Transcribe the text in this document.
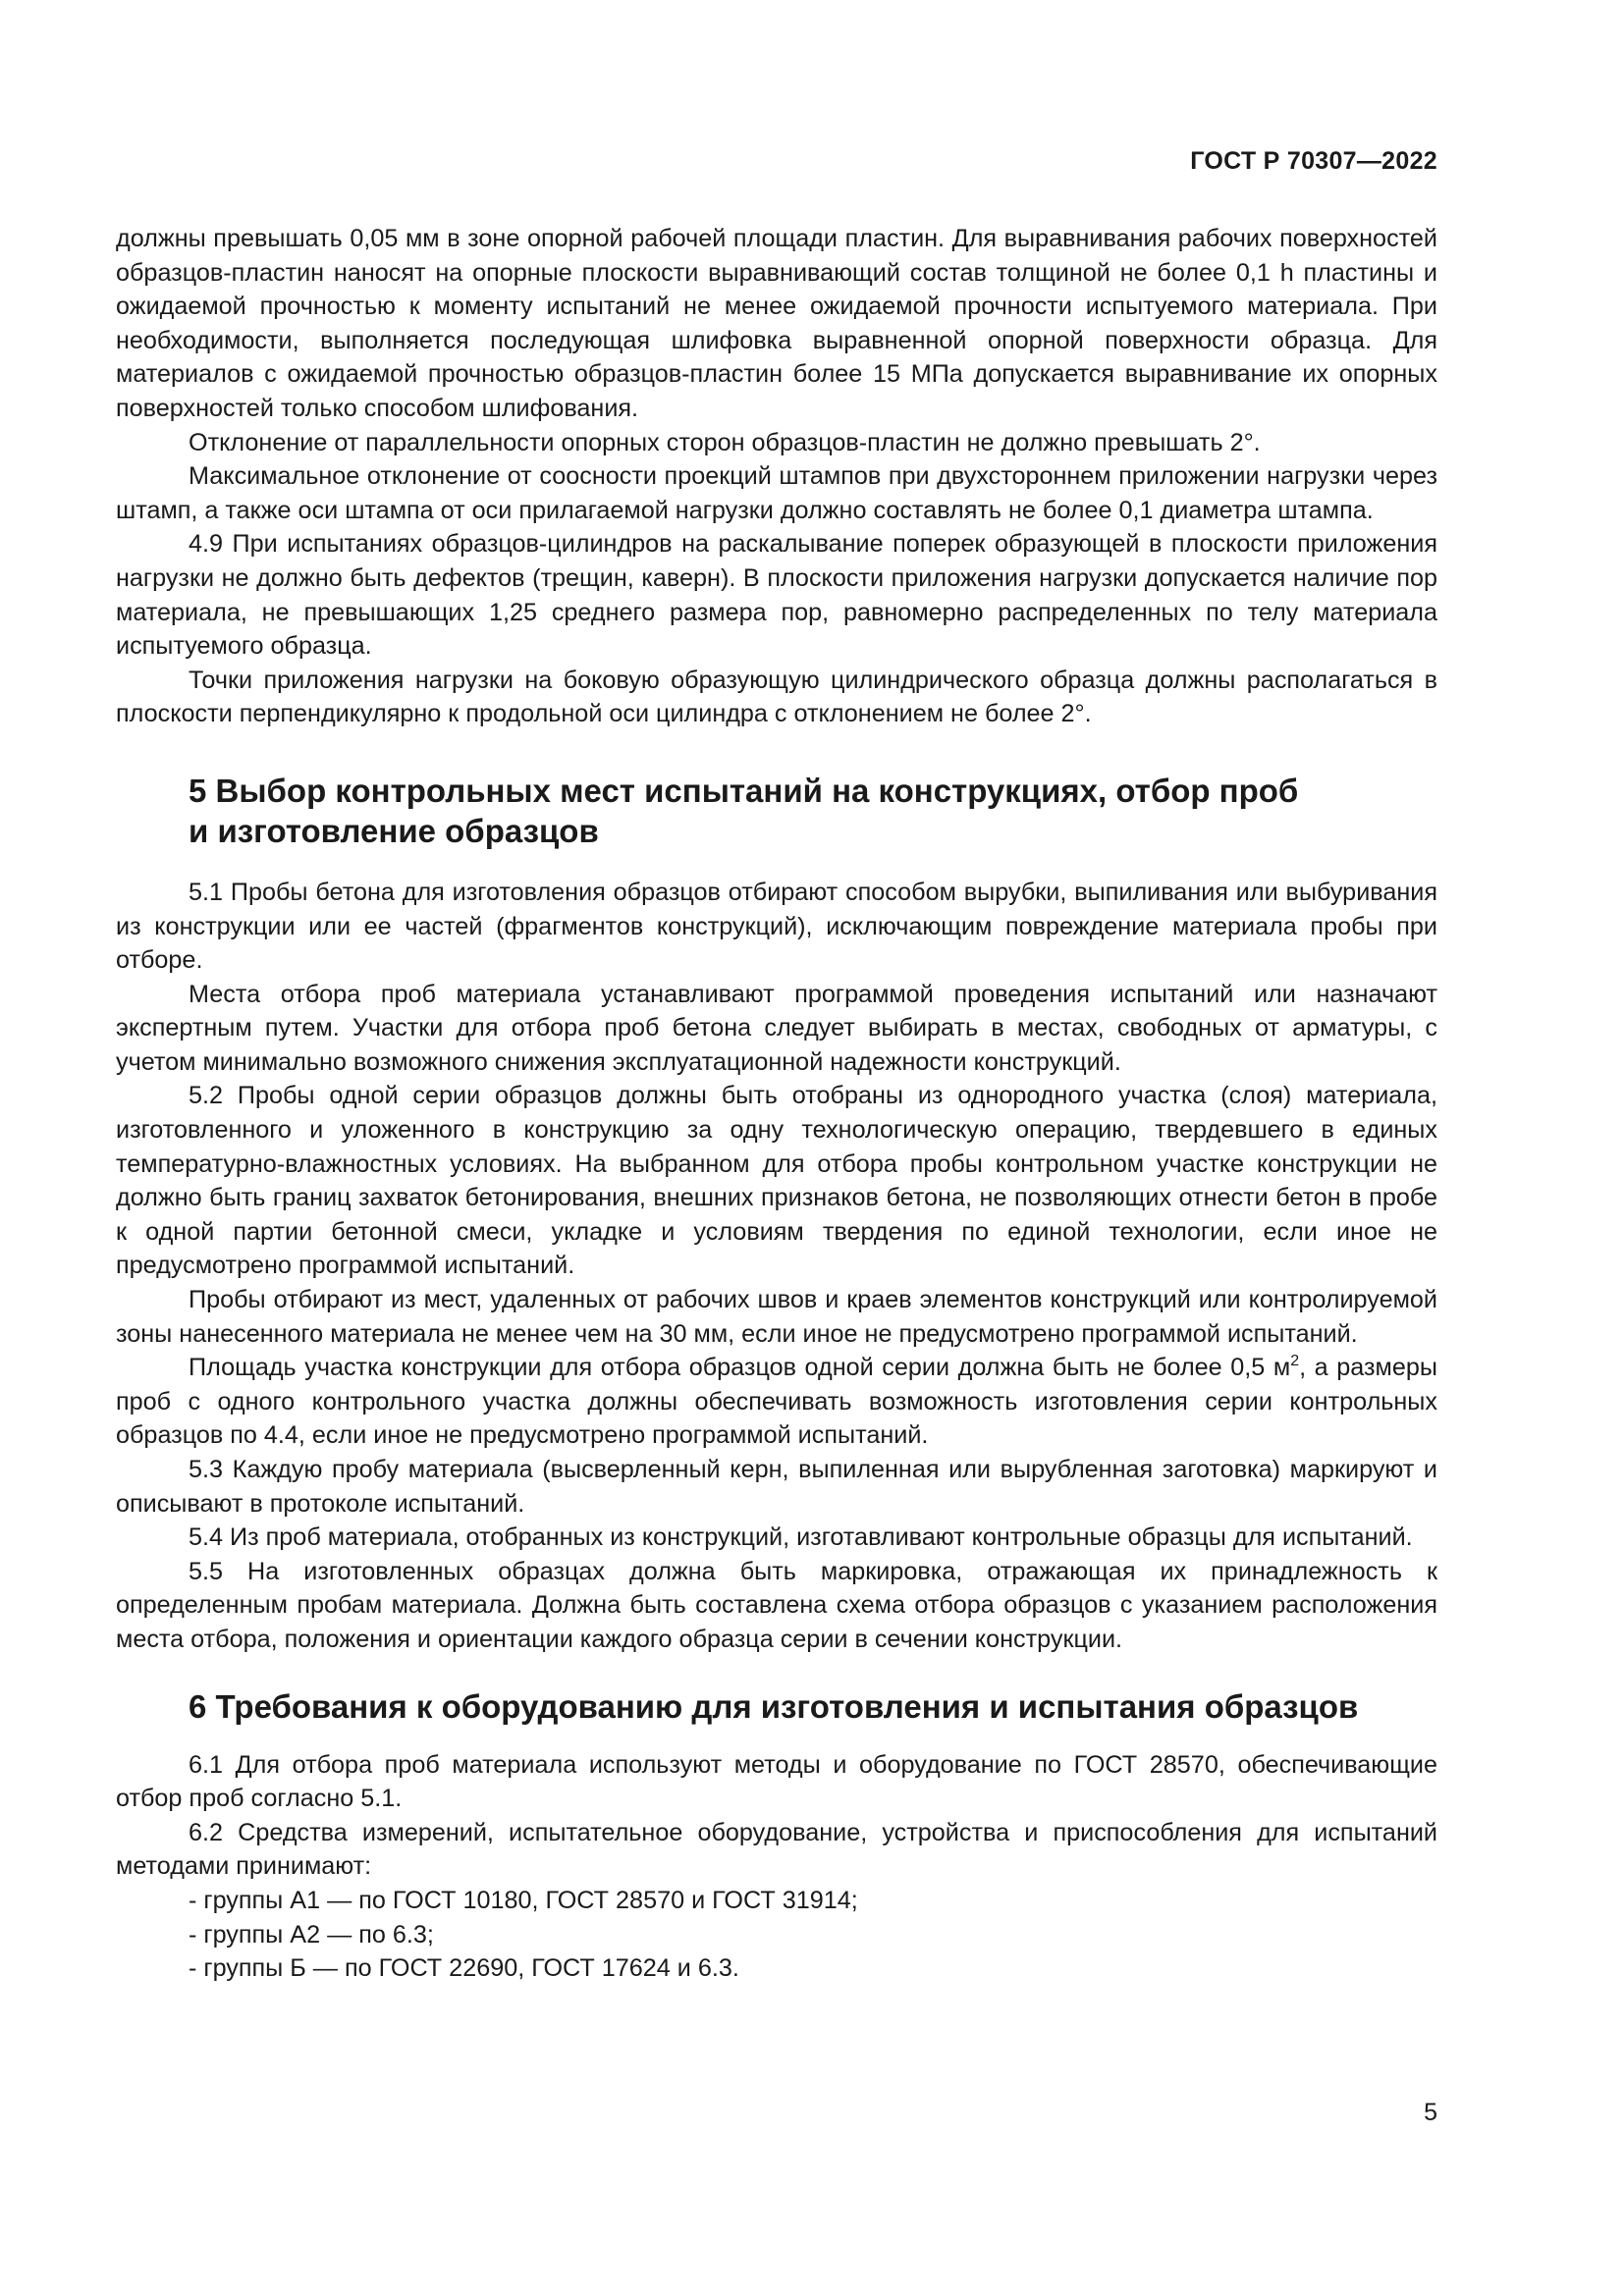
ГОСТ Р 70307—2022

должны превышать 0,05 мм в зоне опорной рабочей площади пластин. Для выравнивания рабочих поверхностей образцов-пластин наносят на опорные плоскости выравнивающий состав толщиной не более 0,1 h пластины и ожидаемой прочностью к моменту испытаний не менее ожидаемой прочности испытуемого материала. При необходимости, выполняется последующая шлифовка выравненной опорной поверхности образца. Для материалов с ожидаемой прочностью образцов-пластин более 15 МПа допускается выравнивание их опорных поверхностей только способом шлифования.

Отклонение от параллельности опорных сторон образцов-пластин не должно превышать 2°.

Максимальное отклонение от соосности проекций штампов при двухстороннем приложении нагрузки через штамп, а также оси штампа от оси прилагаемой нагрузки должно составлять не более 0,1 диаметра штампа.

4.9 При испытаниях образцов-цилиндров на раскалывание поперек образующей в плоскости приложения нагрузки не должно быть дефектов (трещин, каверн). В плоскости приложения нагрузки допускается наличие пор материала, не превышающих 1,25 среднего размера пор, равномерно распределенных по телу материала испытуемого образца.

Точки приложения нагрузки на боковую образующую цилиндрического образца должны располагаться в плоскости перпендикулярно к продольной оси цилиндра с отклонением не более 2°.

5 Выбор контрольных мест испытаний на конструкциях, отбор проб
и изготовление образцов

5.1 Пробы бетона для изготовления образцов отбирают способом вырубки, выпиливания или выбуривания из конструкции или ее частей (фрагментов конструкций), исключающим повреждение материала пробы при отборе.

Места отбора проб материала устанавливают программой проведения испытаний или назначают экспертным путем. Участки для отбора проб бетона следует выбирать в местах, свободных от арматуры, с учетом минимально возможного снижения эксплуатационной надежности конструкций.

5.2 Пробы одной серии образцов должны быть отобраны из однородного участка (слоя) материала, изготовленного и уложенного в конструкцию за одну технологическую операцию, твердевшего в единых температурно-влажностных условиях. На выбранном для отбора пробы контрольном участке конструкции не должно быть границ захваток бетонирования, внешних признаков бетона, не позволяющих отнести бетон в пробе к одной партии бетонной смеси, укладке и условиям твердения по единой технологии, если иное не предусмотрено программой испытаний.

Пробы отбирают из мест, удаленных от рабочих швов и краев элементов конструкций или контролируемой зоны нанесенного материала не менее чем на 30 мм, если иное не предусмотрено программой испытаний.

Площадь участка конструкции для отбора образцов одной серии должна быть не более 0,5 $м^2$, а размеры проб с одного контрольного участка должны обеспечивать возможность изготовления серии контрольных образцов по 4.4, если иное не предусмотрено программой испытаний.

5.3 Каждую пробу материала (высверленный керн, выпиленная или вырубленная заготовка) маркируют и описывают в протоколе испытаний.

5.4 Из проб материала, отобранных из конструкций, изготавливают контрольные образцы для испытаний.

5.5 На изготовленных образцах должна быть маркировка, отражающая их принадлежность к определенным пробам материала. Должна быть составлена схема отбора образцов с указанием расположения места отбора, положения и ориентации каждого образца серии в сечении конструкции.

6 Требования к оборудованию для изготовления и испытания образцов

6.1 Для отбора проб материала используют методы и оборудование по ГОСТ 28570, обеспечивающие отбор проб согласно 5.1.

6.2 Средства измерений, испытательное оборудование, устройства и приспособления для испытаний методами принимают:

- группы А1 — по ГОСТ 10180, ГОСТ 28570 и ГОСТ 31914;
- группы А2 — по 6.3;
- группы Б — по ГОСТ 22690, ГОСТ 17624 и 6.3.
5
